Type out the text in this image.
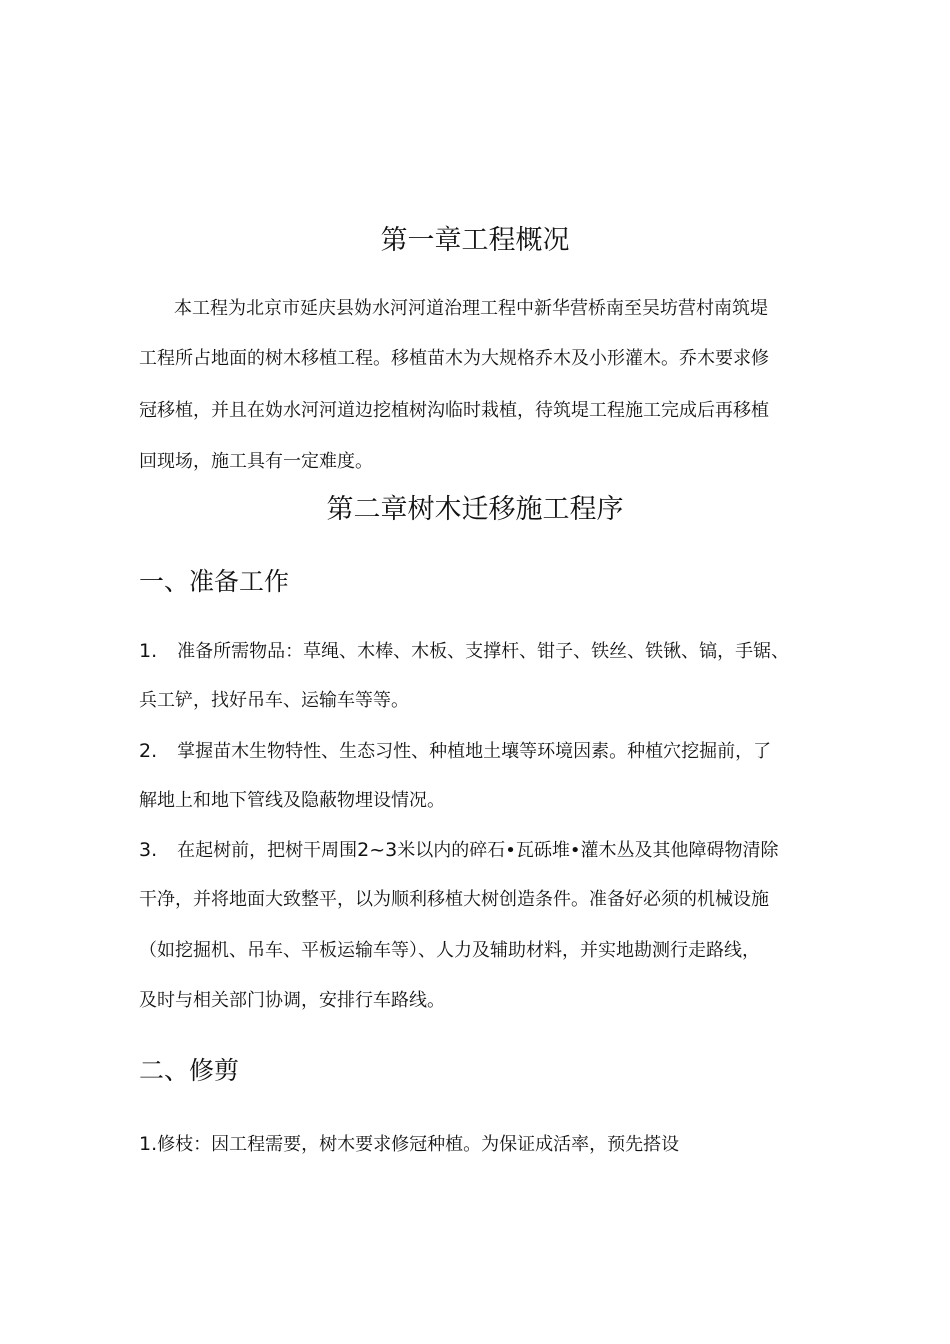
第一章工程概况

本工程为北京市延庆县妫水河河道治理工程中新华营桥南至吴坊营村南筑堤

工程所占地面的树木移植工程。移植苗木为大规格乔木及小形灌木。乔木要求修

冠移植，并且在妫水河河道边挖植树沟临时栽植，待筑堤工程施工完成后再移植

回现场，施工具有一定难度。

第二章树木迁移施工程序
一、准备工作

1. 准备所需物品：草绳、木棒、木板、支撑杆、钳子、铁丝、铁锹、镐，手锯、

兵工铲，找好吊车、运输车等等。

2. 掌握苗木生物特性、生态习性、种植地土壤等环境因素。种植穴挖掘前，了

解地上和地下管线及隐蔽物埋设情况。

3. 在起树前，把树干周围2~3米以内的碎石•瓦砾堆•灌木丛及其他障碍物清除

干净，并将地面大致整平，以为顺利移植大树创造条件。准备好必须的机械设施

（如挖掘机、吊车、平板运输车等）、人力及辅助材料，并实地勘测行走路线，

及时与相关部门协调，安排行车路线。

二、修剪

1.修枝：因工程需要，树木要求修冠种植。为保证成活率，预先搭设
